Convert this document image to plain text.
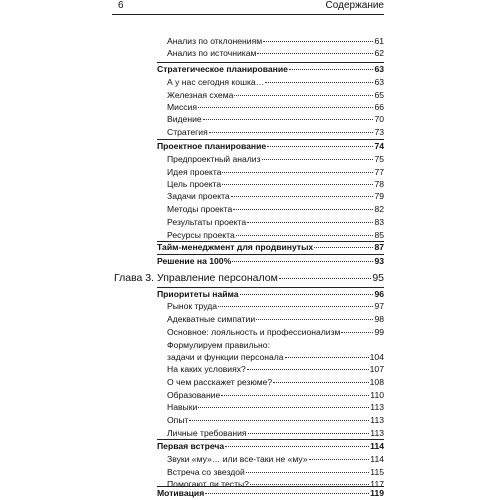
6	Содержание
Анализ по отклонениям	61
Анализ по источникам	62
Стратегическое планирование	63
А у нас сегодня кошка…	63
Железная схема	65
Миссия	66
Видение	70
Стратегия	73
Проектное планирование	74
Предпроектный анализ	75
Идея проекта	77
Цель проекта	78
Задачи проекта	79
Методы проекта	82
Результаты проекта	83
Ресурсы проекта	85
Тайм-менеджмент для продвинутых	87
Решение на 100%	93
Глава 3. Управление персоналом	95
Приоритеты найма	96
Рынок труда	97
Адекватные симпатии	98
Основное: лояльность и профессионализм	99
Формулируем правильно:
задачи и функции персонала	104
На каких условиях?	107
О чем расскажет резюме?	108
Образование	110
Навыки	113
Опыт	113
Личные требования	113
Первая встреча	114
Звуки «му»… или все-таки не «му»	114
Встреча со звездой	115
Помогают ли тесты?	117
Мотивация	119
